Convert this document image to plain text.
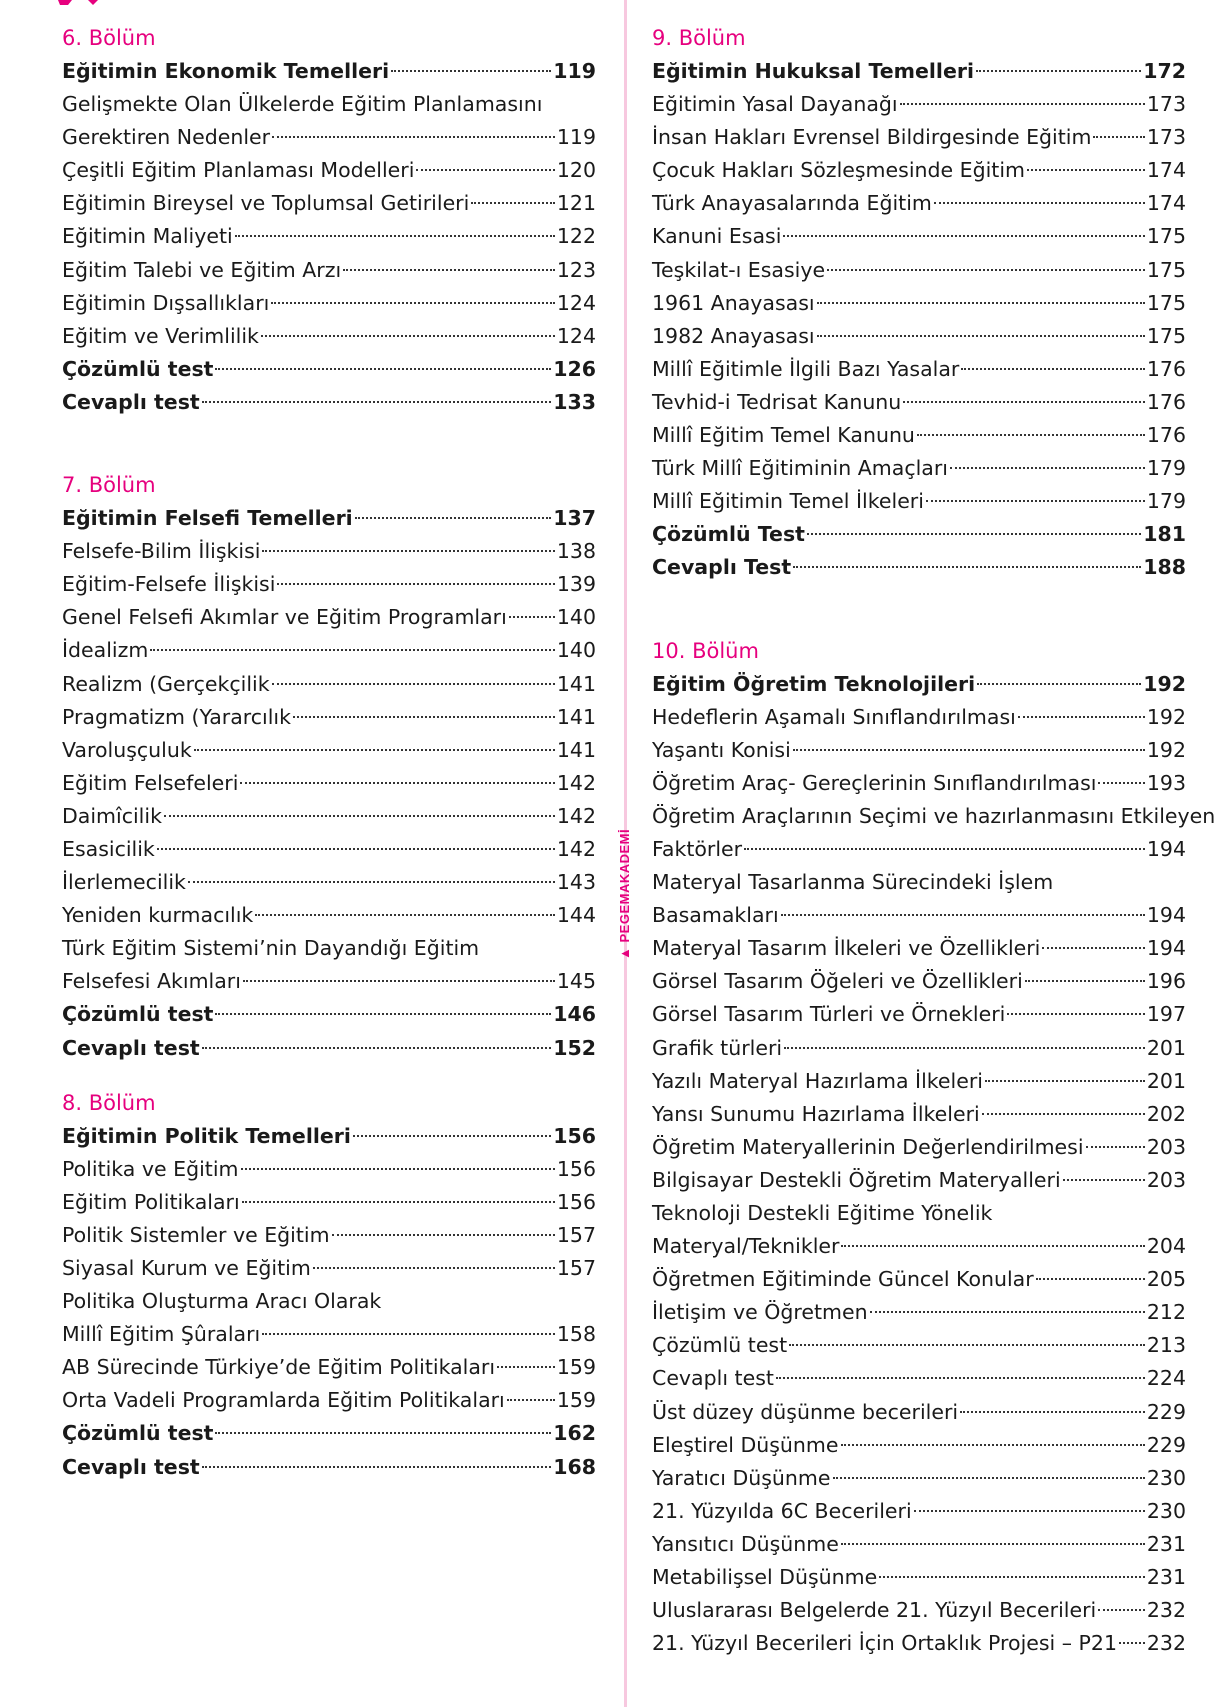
▲ PEGEMAKADEMİ
6. Bölüm
Eğitimin Ekonomik Temelleri	119
Gelişmekte Olan Ülkelerde Eğitim Planlamasını
Gerektiren Nedenler	119
Çeşitli Eğitim Planlaması Modelleri	120
Eğitimin Bireysel ve Toplumsal Getirileri	121
Eğitimin Maliyeti	122
Eğitim Talebi ve Eğitim Arzı	123
Eğitimin Dışsallıkları	124
Eğitim ve Verimlilik	124
Çözümlü test	126
Cevaplı test	133
7. Bölüm
Eğitimin Felsefi Temelleri	137
Felsefe-Bilim İlişkisi	138
Eğitim-Felsefe İlişkisi	139
Genel Felsefi Akımlar ve Eğitim Programları 140
İdealizm	140
Realizm (Gerçekçilik	141
Pragmatizm (Yararcılık	141
Varoluşçuluk	141
Eğitim Felsefeleri	142
Daimîcilik	142
Esasicilik	142
İlerlemecilik	143
Yeniden kurmacılık	144
Türk Eğitim Sistemi’nin Dayandığı Eğitim
Felsefesi Akımları	145
Çözümlü test	146
Cevaplı test	152
8. Bölüm
Eğitimin Politik Temelleri	156
Politika ve Eğitim	156
Eğitim Politikaları	156
Politik Sistemler ve Eğitim	157
Siyasal Kurum ve Eğitim	157
Politika Oluşturma Aracı Olarak
Millî Eğitim Şûraları	158
AB Sürecinde Türkiye’de Eğitim Politikaları	159
Orta Vadeli Programlarda Eğitim Politikaları	159
Çözümlü test	162
Cevaplı test	168
9. Bölüm
Eğitimin Hukuksal Temelleri	172
Eğitimin Yasal Dayanağı	173
İnsan Hakları Evrensel Bildirgesinde Eğitim	173
Çocuk Hakları Sözleşmesinde Eğitim	174
Türk Anayasalarında Eğitim	174
Kanuni Esasi	175
Teşkilat-ı Esasiye	175
1961 Anayasası	175
1982 Anayasası	175
Millî Eğitimle İlgili Bazı Yasalar	176
Tevhid-i Tedrisat Kanunu	176
Millî Eğitim Temel Kanunu	176
Türk Millî Eğitiminin Amaçları	179
Millî Eğitimin Temel İlkeleri	179
Çözümlü Test	181
Cevaplı Test	188
10. Bölüm
Eğitim Öğretim Teknolojileri	192
Hedeflerin Aşamalı Sınıflandırılması	192
Yaşantı Konisi	192
Öğretim Araç- Gereçlerinin Sınıflandırılması 193
Öğretim Araçlarının Seçimi ve hazırlanmasını Etkileyen
Faktörler	194
Materyal Tasarlanma Sürecindeki İşlem
Basamakları	194
Materyal Tasarım İlkeleri ve Özellikleri	194
Görsel Tasarım Öğeleri ve Özellikleri	196
Görsel Tasarım Türleri ve Örnekleri	197
Grafik türleri	201
Yazılı Materyal Hazırlama İlkeleri	201
Yansı Sunumu Hazırlama İlkeleri	202
Öğretim Materyallerinin Değerlendirilmesi	203
Bilgisayar Destekli Öğretim Materyalleri	203
Teknoloji Destekli Eğitime Yönelik
Materyal/Teknikler	204
Öğretmen Eğitiminde Güncel Konular	205
İletişim ve Öğretmen	212
Çözümlü test	213
Cevaplı test	224
Üst düzey düşünme becerileri	229
Eleştirel Düşünme	229
Yaratıcı Düşünme	230
21. Yüzyılda 6C Becerileri	230
Yansıtıcı Düşünme	231
Metabilişsel Düşünme	231
Uluslararası Belgelerde 21. Yüzyıl Becerileri 232
21. Yüzyıl Becerileri İçin Ortaklık Projesi – P21 232
